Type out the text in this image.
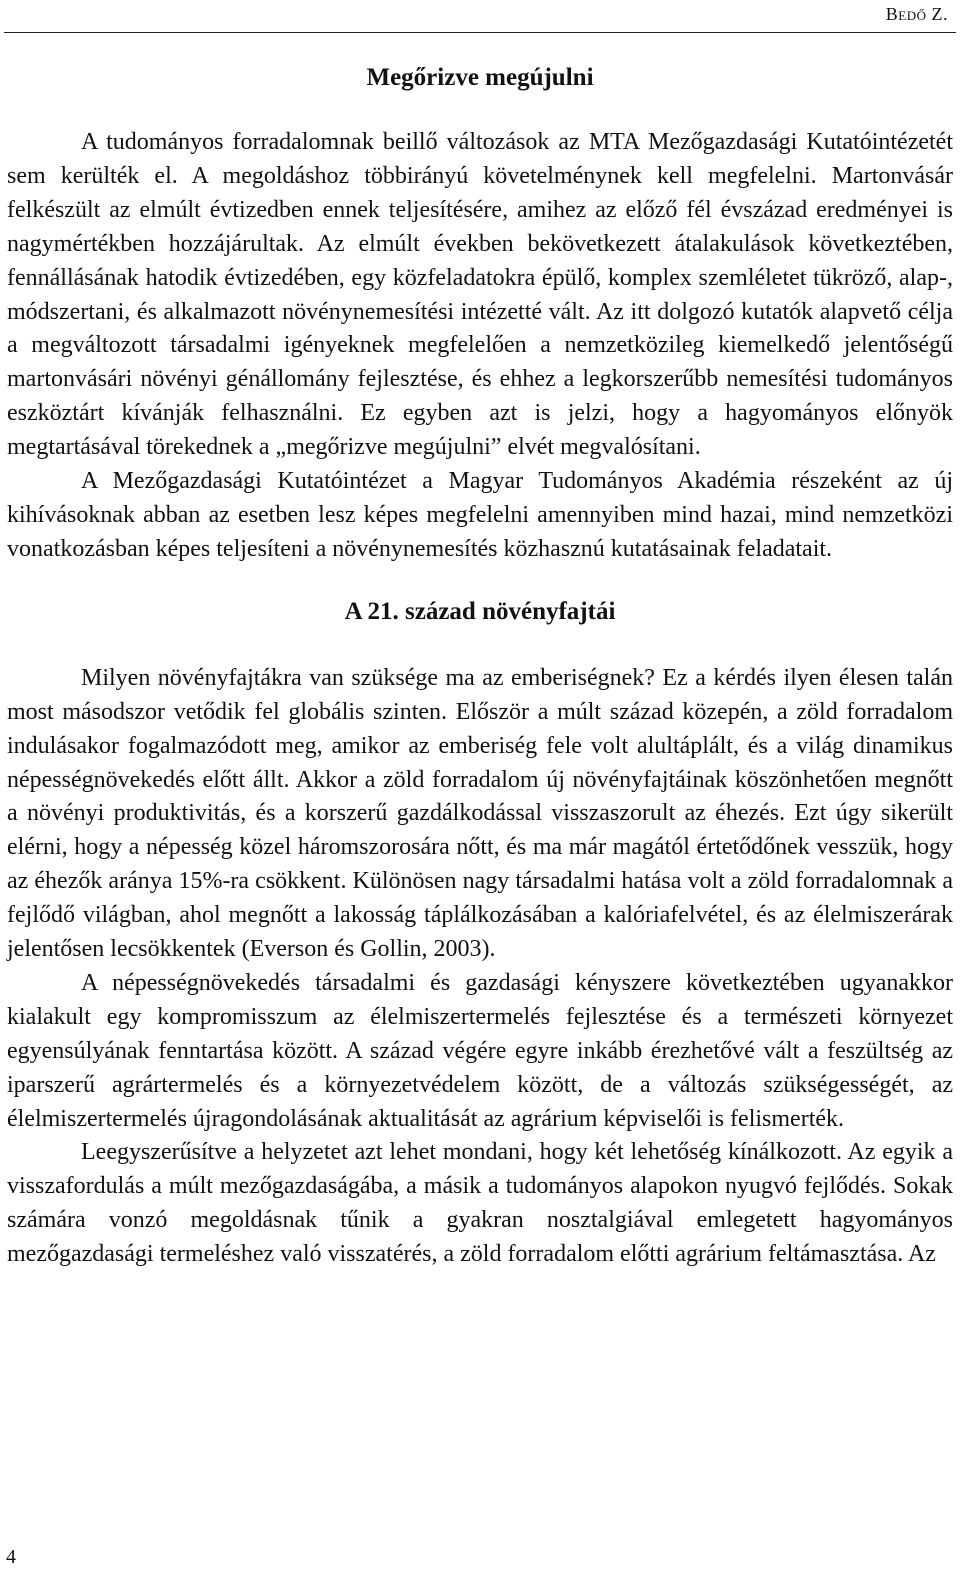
Bedő Z.
Megőrizve megújulni

A tudományos forradalomnak beillő változások az MTA Mezőgazdasági Kutatóintézetét sem kerülték el. A megoldáshoz többirányú követelménynek kell megfelelni. Martonvásár felkészült az elmúlt évtizedben ennek teljesítésére, amihez az előző fél évszázad eredményei is nagymértékben hozzájárultak. Az elmúlt években bekövetkezett átalakulások következtében, fennállásának hatodik évtizedében, egy közfeladatokra épülő, komplex szemléletet tükröző, alap-, módszertani, és alkalmazott növénynemesítési intézetté vált. Az itt dolgozó kutatók alapvető célja a megváltozott társadalmi igényeknek megfelelően a nemzetközileg kiemelkedő jelentőségű martonvásári növényi génállomány fejlesztése, és ehhez a legkorszerűbb nemesítési tudományos eszköztárt kívánják felhasználni. Ez egyben azt is jelzi, hogy a hagyományos előnyök megtartásával törekednek a „megőrizve megújulni” elvét megvalósítani.

A Mezőgazdasági Kutatóintézet a Magyar Tudományos Akadémia részeként az új kihívásoknak abban az esetben lesz képes megfelelni amennyiben mind hazai, mind nemzetközi vonatkozásban képes teljesíteni a növénynemesítés közhasznú kutatásainak feladatait.

A 21. század növényfajtái

Milyen növényfajtákra van szüksége ma az emberiségnek? Ez a kérdés ilyen élesen talán most másodszor vetődik fel globális szinten. Először a múlt század közepén, a zöld forradalom indulásakor fogalmazódott meg, amikor az emberiség fele volt alultáplált, és a világ dinamikus népességnövekedés előtt állt. Akkor a zöld forradalom új növényfajtáinak köszönhetően megnőtt a növényi produktivitás, és a korszerű gazdálkodással visszaszorult az éhezés. Ezt úgy sikerült elérni, hogy a népesség közel háromszorosára nőtt, és ma már magától értetődőnek vesszük, hogy az éhezők aránya 15%-ra csökkent. Különösen nagy társadalmi hatása volt a zöld forradalomnak a fejlődő világban, ahol megnőtt a lakosság táplálkozásában a kalóriafelvétel, és az élelmiszerárak jelentősen lecsökkentek (Everson és Gollin, 2003).

A népességnövekedés társadalmi és gazdasági kényszere következtében ugyanakkor kialakult egy kompromisszum az élelmiszertermelés fejlesztése és a természeti környezet egyensúlyának fenntartása között. A század végére egyre inkább érezhetővé vált a feszültség az iparszerű agrártermelés és a környezetvédelem között, de a változás szükségességét, az élelmiszertermelés újragondolásának aktualitását az agrárium képviselői is felismerték.

Leegyszerűsítve a helyzetet azt lehet mondani, hogy két lehetőség kínálkozott. Az egyik a visszafordulás a múlt mezőgazdaságába, a másik a tudományos alapokon nyugvó fejlődés. Sokak számára vonzó megoldásnak tűnik a gyakran nosztalgiával emlegetett hagyományos mezőgazdasági termeléshez való visszatérés, a zöld forradalom előtti agrárium feltámasztása. Az

4
